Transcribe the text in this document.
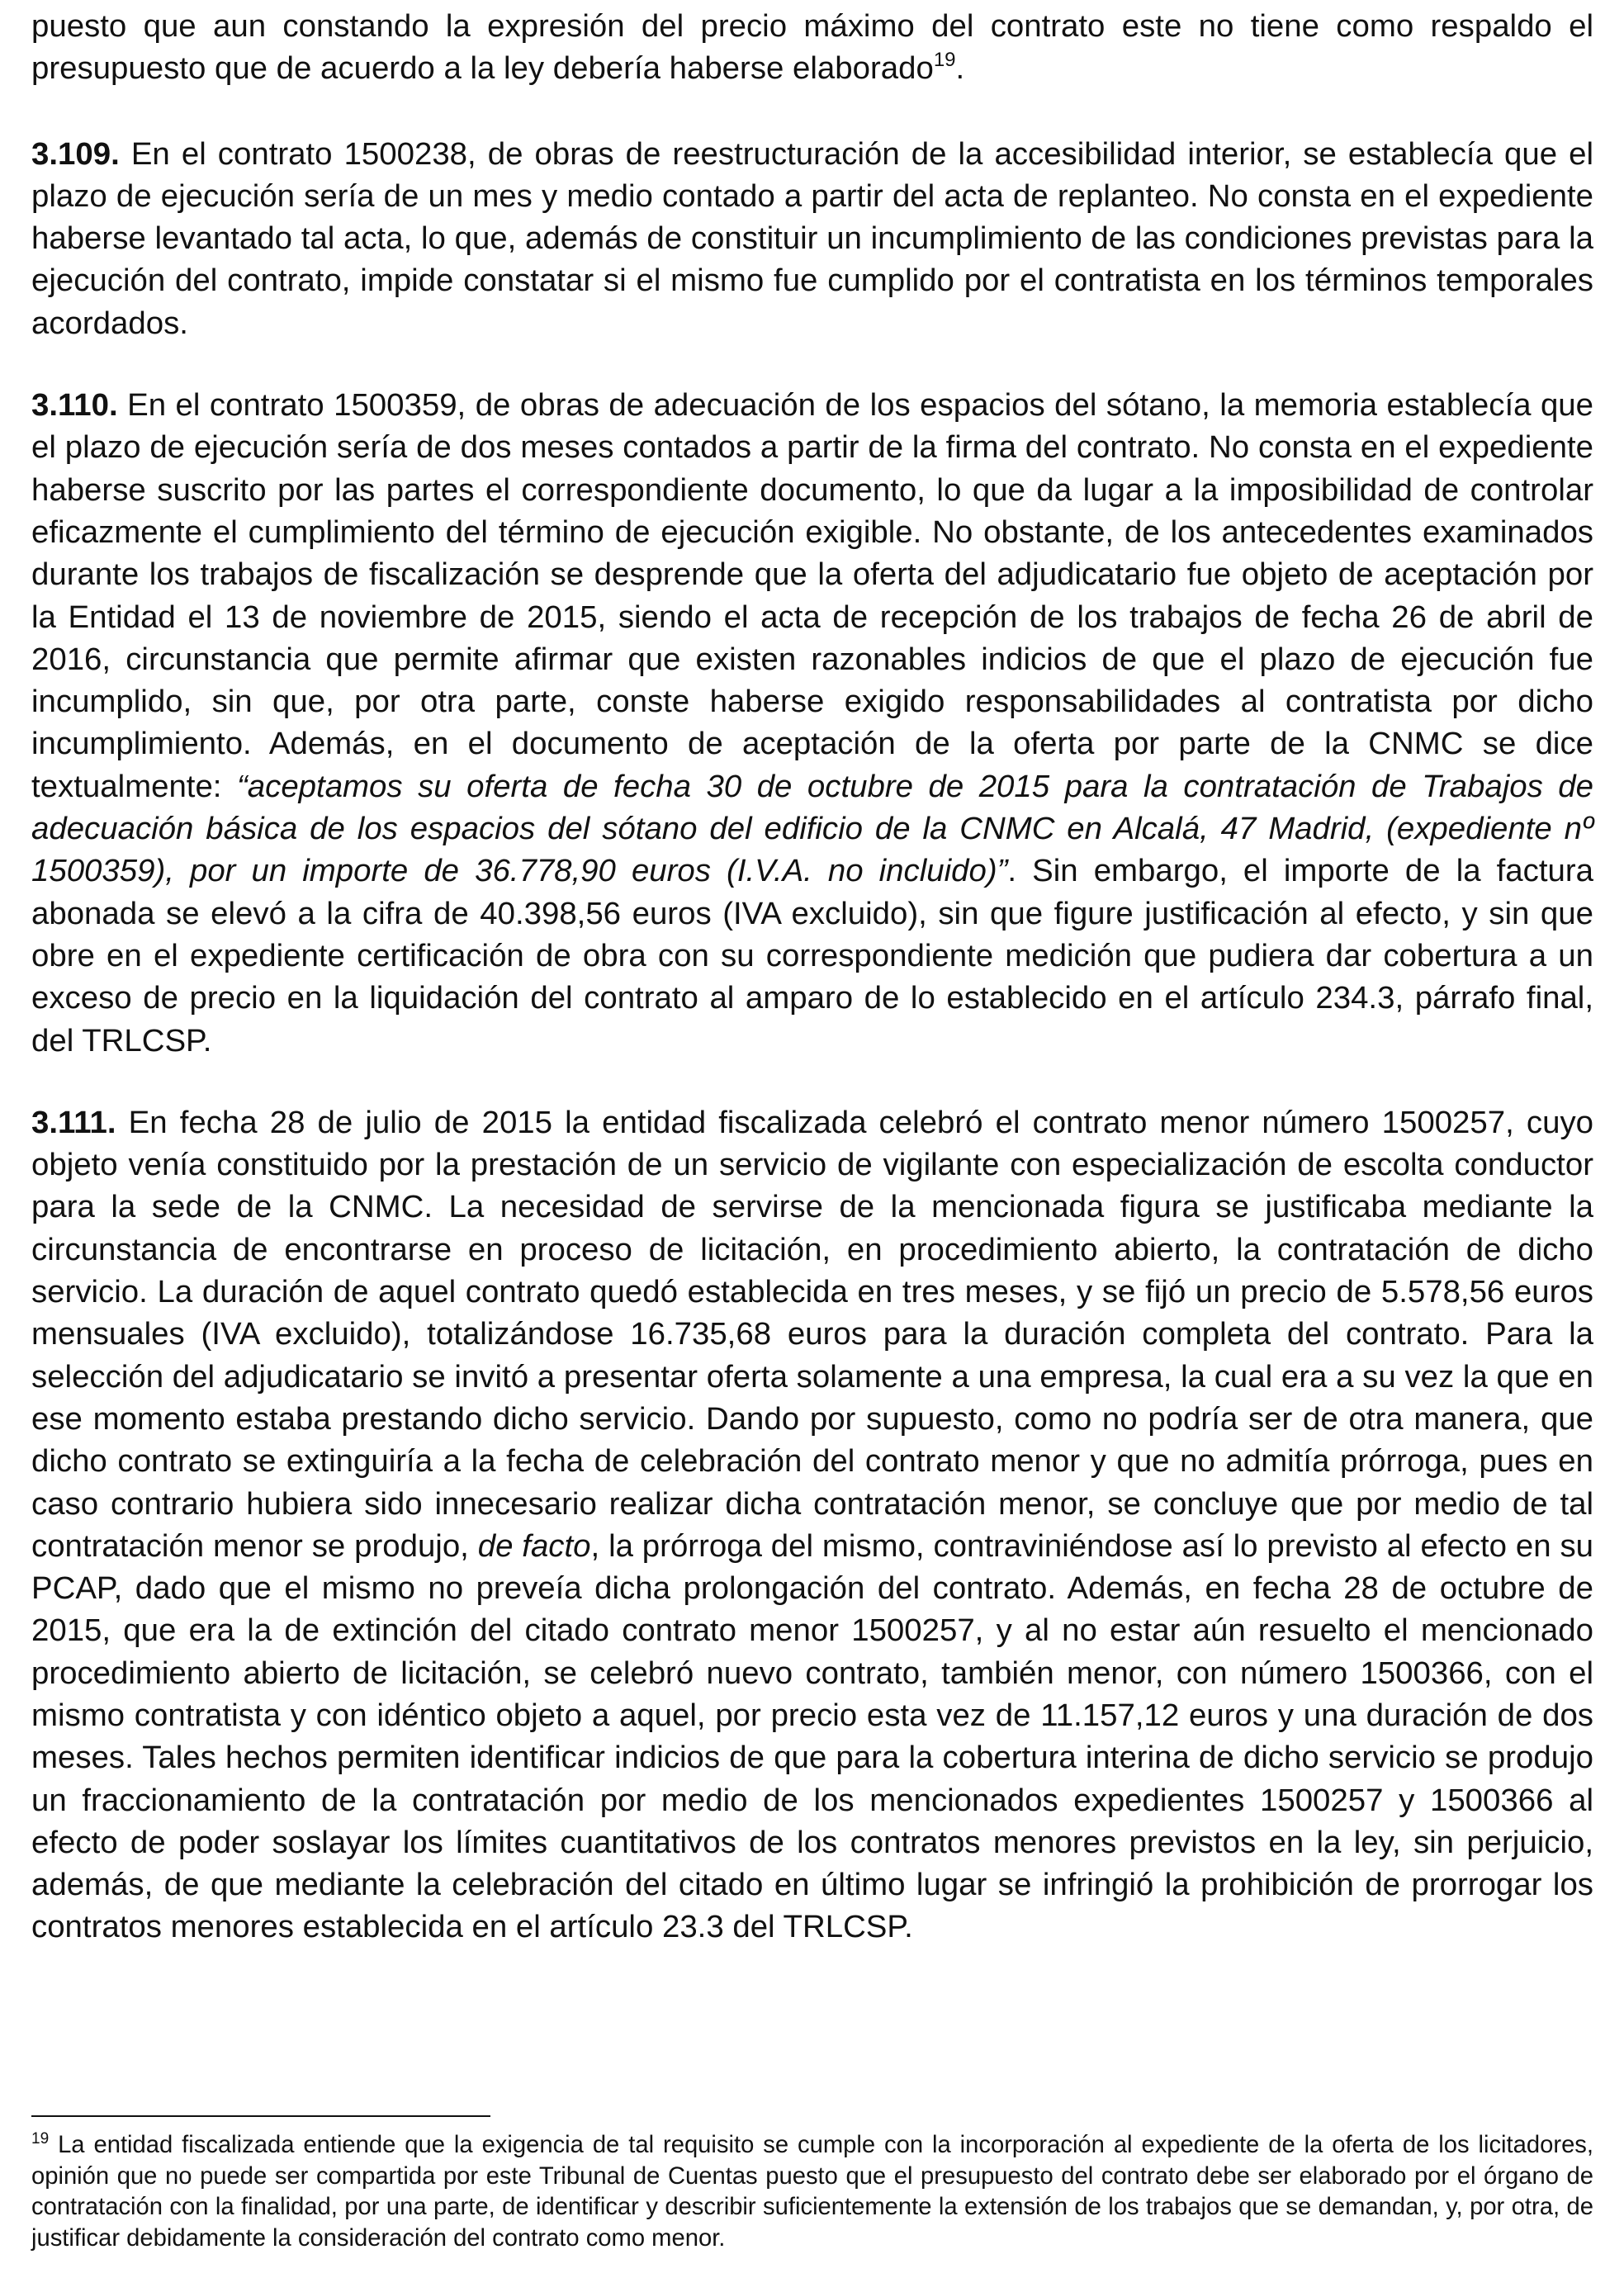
puesto que aun constando la expresión del precio máximo del contrato este no tiene como respaldo el presupuesto que de acuerdo a la ley debería haberse elaborado$^{19}$.

3.109. En el contrato 1500238, de obras de reestructuración de la accesibilidad interior, se establecía que el plazo de ejecución sería de un mes y medio contado a partir del acta de replanteo. No consta en el expediente haberse levantado tal acta, lo que, además de constituir un incumplimiento de las condiciones previstas para la ejecución del contrato, impide constatar si el mismo fue cumplido por el contratista en los términos temporales acordados.

3.110. En el contrato 1500359, de obras de adecuación de los espacios del sótano, la memoria establecía que el plazo de ejecución sería de dos meses contados a partir de la firma del contrato. No consta en el expediente haberse suscrito por las partes el correspondiente documento, lo que da lugar a la imposibilidad de controlar eficazmente el cumplimiento del término de ejecución exigible. No obstante, de los antecedentes examinados durante los trabajos de fiscalización se desprende que la oferta del adjudicatario fue objeto de aceptación por la Entidad el 13 de noviembre de 2015, siendo el acta de recepción de los trabajos de fecha 26 de abril de 2016, circunstancia que permite afirmar que existen razonables indicios de que el plazo de ejecución fue incumplido, sin que, por otra parte, conste haberse exigido responsabilidades al contratista por dicho incumplimiento. Además, en el documento de aceptación de la oferta por parte de la CNMC se dice textualmente: “aceptamos su oferta de fecha 30 de octubre de 2015 para la contratación de Trabajos de adecuación básica de los espacios del sótano del edificio de la CNMC en Alcalá, 47 Madrid, (expediente nº 1500359), por un importe de 36.778,90 euros (I.V.A. no incluido)”. Sin embargo, el importe de la factura abonada se elevó a la cifra de 40.398,56 euros (IVA excluido), sin que figure justificación al efecto, y sin que obre en el expediente certificación de obra con su correspondiente medición que pudiera dar cobertura a un exceso de precio en la liquidación del contrato al amparo de lo establecido en el artículo 234.3, párrafo final, del TRLCSP.

3.111. En fecha 28 de julio de 2015 la entidad fiscalizada celebró el contrato menor número 1500257, cuyo objeto venía constituido por la prestación de un servicio de vigilante con especialización de escolta conductor para la sede de la CNMC. La necesidad de servirse de la mencionada figura se justificaba mediante la circunstancia de encontrarse en proceso de licitación, en procedimiento abierto, la contratación de dicho servicio. La duración de aquel contrato quedó establecida en tres meses, y se fijó un precio de 5.578,56 euros mensuales (IVA excluido), totalizándose 16.735,68 euros para la duración completa del contrato. Para la selección del adjudicatario se invitó a presentar oferta solamente a una empresa, la cual era a su vez la que en ese momento estaba prestando dicho servicio. Dando por supuesto, como no podría ser de otra manera, que dicho contrato se extinguiría a la fecha de celebración del contrato menor y que no admitía prórroga, pues en caso contrario hubiera sido innecesario realizar dicha contratación menor, se concluye que por medio de tal contratación menor se produjo, de facto, la prórroga del mismo, contraviniéndose así lo previsto al efecto en su PCAP, dado que el mismo no preveía dicha prolongación del contrato. Además, en fecha 28 de octubre de 2015, que era la de extinción del citado contrato menor 1500257, y al no estar aún resuelto el mencionado procedimiento abierto de licitación, se celebró nuevo contrato, también menor, con número 1500366, con el mismo contratista y con idéntico objeto a aquel, por precio esta vez de 11.157,12 euros y una duración de dos meses. Tales hechos permiten identificar indicios de que para la cobertura interina de dicho servicio se produjo un fraccionamiento de la contratación por medio de los mencionados expedientes 1500257 y 1500366 al efecto de poder soslayar los límites cuantitativos de los contratos menores previstos en la ley, sin perjuicio, además, de que mediante la celebración del citado en último lugar se infringió la prohibición de prorrogar los contratos menores establecida en el artículo 23.3 del TRLCSP.

$^{19}$ La entidad fiscalizada entiende que la exigencia de tal requisito se cumple con la incorporación al expediente de la oferta de los licitadores, opinión que no puede ser compartida por este Tribunal de Cuentas puesto que el presupuesto del contrato debe ser elaborado por el órgano de contratación con la finalidad, por una parte, de identificar y describir suficientemente la extensión de los trabajos que se demandan, y, por otra, de justificar debidamente la consideración del contrato como menor.
